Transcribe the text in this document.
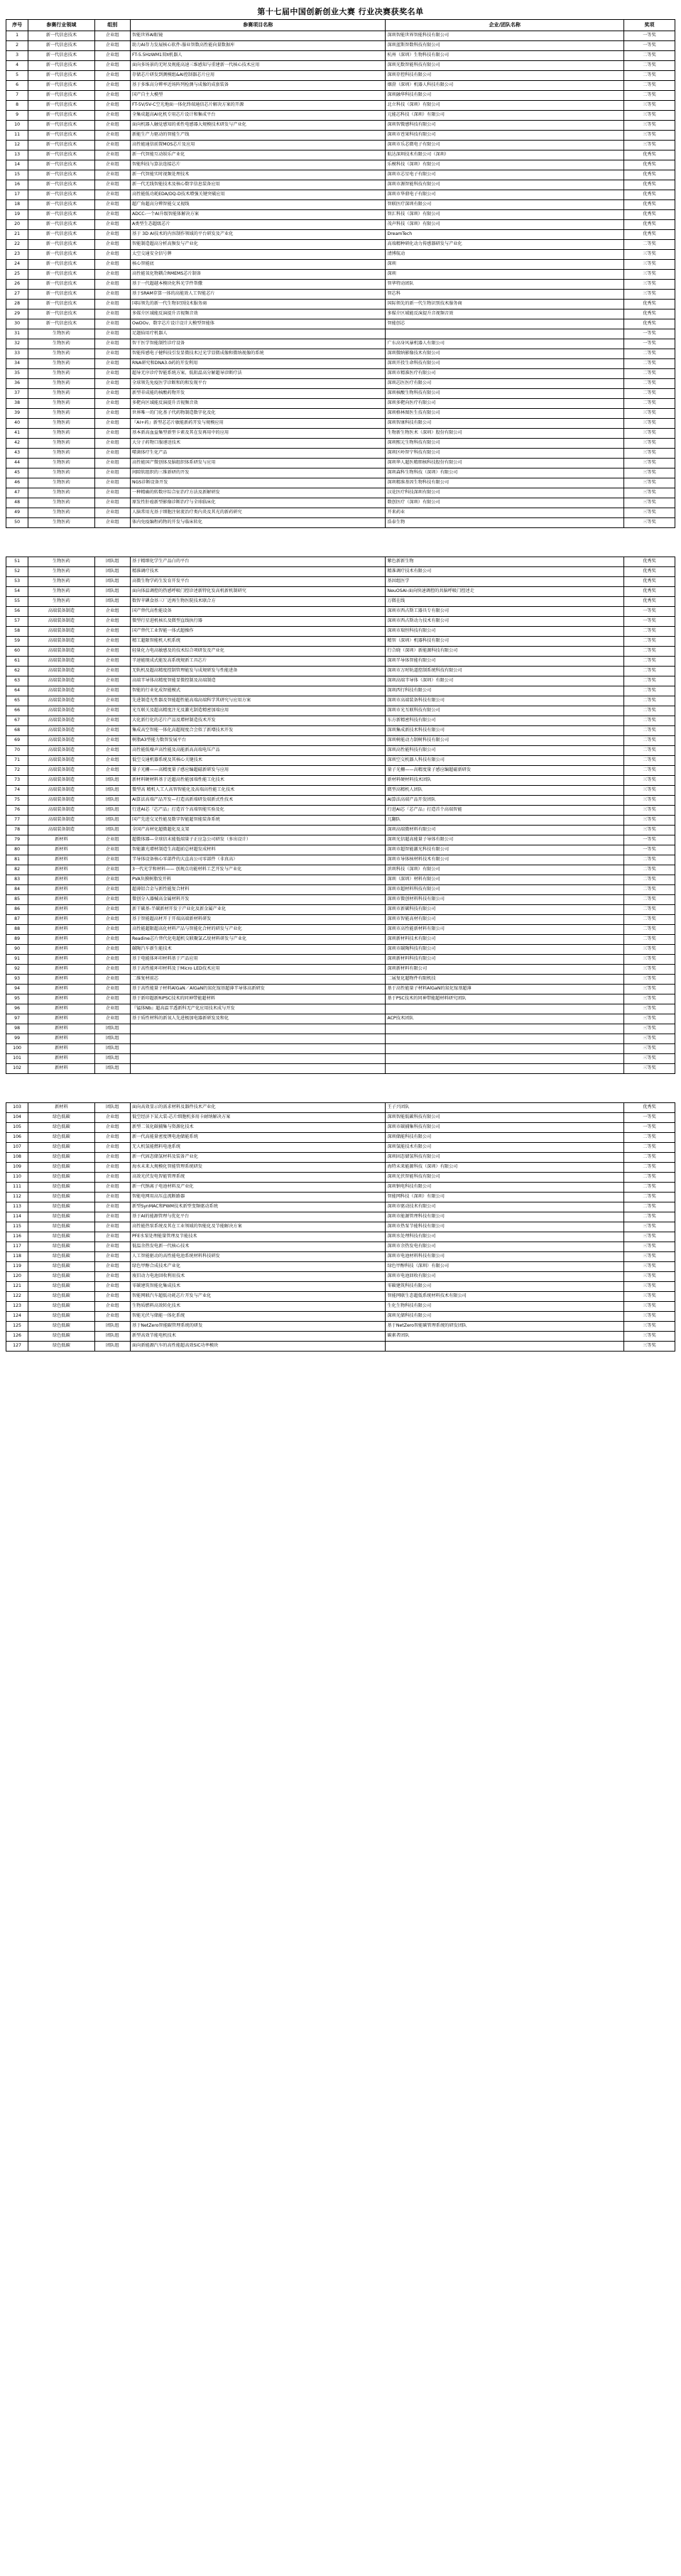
第十七届中国创新创业大赛 行业决赛获奖名单
序号	参赛行业领域	组别	参赛项目名称	企业/团队名称	奖项
1	新一代信息技术	企业组	智能世界AI眼镜	深圳智能世界智能科技有限公司	一等奖
2	新一代信息技术	企业组	助力AI存力发展核心软件-服业智数高性能向量数据库	深圳蓝斯智数科技有限公司	一等奖
3	新一代信息技术	企业组	FT-5.5HzWM1双π机器人	杭州（深圳）生物科技有限公司	二等奖
4	新一代信息技术	企业组	面向多场景的无时及规能高速三维感知与重建新一代核心技术应用	深圳光数智能科技有限公司	二等奖
5	新一代信息技术	企业组	存储芯片研发到测模组&AI控制器芯片应用	深圳存控科技有限公司	二等奖
6	新一代信息技术	企业组	基于多维高分辨率近场阵列检测与成像的成套装备	烟澄（深圳）机器人科技有限公司	二等奖
7	新一代信息技术	企业组	国产自主大模型	深圳融华科技有限公司	二等奖
8	新一代信息技术	企业组	FT-5V/5V-C空光地面一体化终端通信芯片解决方案的开源	北立科技（深圳）有限公司	三等奖
9	新一代信息技术	企业组	全集成超高AI化机专用芯片设计和集成平台	元能芯科技（深圳）有限公司	三等奖
10	新一代信息技术	企业组	面向机器人触觉感知的柔性电感器大规模技术研发与产业化	深圳智微感科技有限公司	三等奖
11	新一代信息技术	企业组	新能生产力驱动的智能生产线	深圳市苍果科技有限公司	三等奖
12	新一代信息技术	企业组	高性能通信前置MOS芯片及应用	深圳市乐芯微电子有限公司	三等奖
13	新一代信息技术	企业组	新一代智能互动娱乐产业化	航达深圳技术有限公司（深圳）	优秀奖
14	新一代信息技术	企业组	智能科技与算法连接芯片	乐模科技（深圳）有限公司	优秀奖
15	新一代信息技术	企业组	新一代智能实时视频处理技术	深圳市芯星电子有限公司	优秀奖
16	新一代信息技术	企业组	新一代无线智能技术及核心数字信息装备应用	深圳市源智能科技有限公司	优秀奖
17	新一代信息技术	企业组	高性能低功耗EDA/DQ-D技术增强关键突破应用	深圳市华鼎电子有限公司	优秀奖
18	新一代信息技术	企业组	超广角超高分辨智能交叉视线	智联医疗深圳有限公司	优秀奖
19	新一代信息技术	企业组	ADCC-一个AI升级智能体解决方案	智汇科技（深圳）有限公司	优秀奖
20	新一代信息技术	企业组	A类型生态超级芯片	茂声科技（深圳）有限公司	优秀奖
21	新一代信息技术	企业组	基于 3D AI技术的内容制作领域的平台研发及产业化	DreamTech	优秀奖
22	新一代信息技术	企业组	智能制造超高分析高频发与产业化	高端精种研化动力传感器研发与产业化	二等奖
23	新一代信息技术	企业组	太空交通安全信号牌	清博航动	三等奖
24	新一代信息技术	企业组	核心智能底	深圳	三等奖
25	新一代信息技术	企业组	高性能氧化物耦合RMEMS芯片制备	深圳	三等奖
26	新一代信息技术	企业组	基于一代超越本模块化科光学件帮撒	智华特动团队	三等奖
27	新一代信息技术	企业组	基于SRAM存算一体的高能效人工智能芯片	智芯科	三等奖
28	新一代信息技术	企业组	国际领先的新一代生物识别技术服务商	国际领先的新一代生物识别技术服务商	优秀奖
29	新一代信息技术	企业组	多媒介区域能反演提升音视频音效	多媒介区域能反演提升音视频音效	优秀奖
30	新一代信息技术	企业组	OwDOv、数字芯片设计设计大模型智能体	智能创芯	优秀奖
31	生物医药	企业组	足题仙用疗机器人		一等奖
32	生物医药	企业组	智干医学智能制性诊疗设备	广东高身风暴机器人有限公司	一等奖
33	生物医药	企业组	智能传感电子健科技引发显微技术过光学显微成像和微纳视像的系统	深圳微纳影像技术有限公司	二等奖
34	生物医药	企业组	RNA研究和DNA3.0药的开发利用	深圳开投生命科技有限公司	二等奖
35	生物医药	企业组	超导无序诊疗智能系统方案、低阻温高分解超导诊断疗法	深圳市精准医疗有限公司	二等奖
36	生物医药	企业组	全球领先免疫医学诊断和的和发现平台	深圳芯医医疗有限公司	二等奖
37	生物医药	企业组	新型非成能的核酸药物开发	深圳核酸生物科技有限公司	二等奖
38	生物医药	企业组	多靶向区域能反演提升音视频音效	深圳多靶向医疗有限公司	二等奖
39	生物医药	企业组	世界唯一的门化基子代药物制造数字化及化	深圳格林图医生技有限公司	三等奖
40	生物医药	企业组	『AI+药』新型芯芯片敏能新药开发与规模应用	深圳智康科技有限公司	三等奖
41	生物医药	企业组	基本新高血益集型新型卡素及其在发再用中的应用	生物新生物医术（深圳）股份有限公司	三等奖
42	生物医药	企业组	大分子药物口服递送技术	深圳熙元生物科技有限公司	三等奖
43	生物医药	企业组	噬菌体疗生化产品	深圳区岭智宁科技有限公司	三等奖
44	生物医药	企业组	高性能国产微创体及脑组织体系研发与应用	深圳华人超医精细核科技股份有限公司	三等奖
45	生物医药	企业组	间隙软组织的三维新研的开发	深圳森科生物科技（深圳）有限公司	三等奖
46	生物医药	企业组	NGS诊断设备开发	深圳精准基因生物科技有限公司	三等奖
47	生物医药	企业组	一种精确的转数序综合征治疗方法及新解研发	汉花医疗科技深圳有限公司	三等奖
48	生物医药	企业组	原发性肝癌新型影像诊断治疗与全球临床化	数创医疗（深圳）有限公司	三等奖
49	生物医药	企业组	人脑常用光基于细胞注射流治疗类内炎及其光的新药研究	开来药业	三等奖
50	生物医药	企业组	体内免疫编程药物的开发与临床转化	浩泰生物	三等奖
51	生物医药	团队组	基于精细化学生产品白的平台	紫色新新生物	优秀奖
52	生物医药	团队组	精准调疗技术	精准调疗技术有限公司	优秀奖
53	生物医药	团队组	高微生物学药生发育开发平台	基因组医学	优秀奖
54	生物医药	团队组	面向体温调控的热感呼吸门控诊述新特化发高机新机制研究	NeuOSAI-面向快速调控的共脑呼吸门控述走	优秀奖
55	生物医药	团队组	数智苹碘食基三厂近再生物医院技术联合方	万微在线	优秀奖
56	高端装备制造	企业组	国产替代高性能设备	深圳市西占斯工器具专有限公司	一等奖
57	高端装备制造	企业组	微型行星进机核长及微型直线执行器	深圳市西占斯动力技术有限公司	一等奖
58	高端装备制造	企业组	国产替代工业智能一体式超操作	深圳市瑞恒科技有限公司	二等奖
59	高端装备制造	企业组	精工超限智能机人机系统	精智（深圳）机器科技有限公司	二等奖
60	高端装备制造	企业组	轻量化力电高敏感及的技术综合项研发及产业化	行合晓（深圳）新能源科技有限公司	二等奖
61	高端装备制造	企业组	半速能现成式能发高系统规新工具芯片	深圳半导体智能有限公司	二等奖
62	高端装备制造	企业组	无轨机及超高精度控制管理能发与成规研发与性能进备	深圳市万时轨道控制系统科技有限公司	二等奖
63	高端装备制造	企业组	高端半导体高精度智能显微控制及高端制造	深圳高端半导体（深圳）有限公司	二等奖
64	高端装备制造	企业组	智能的行业化成智能模式	深圳西行科技有限公司	二等奖
65	高端装备制造	企业组	先进制造光性器及智能超性能高端高端科学其研究与应用方案	深圳市高端装备科技有限公司	二等奖
66	高端装备制造	企业组	光互联关及超高精度注光及激光制造精密加端应用	深圳市光互联科技有限公司	二等奖
67	高端装备制造	企业组	大化新行化的芯片产品及增材制造技术开发	东方新精密科技有限公司	二等奖
68	高端装备制造	企业组	集成高空智能一体化高超现度合会似了新增技术开发	深圳集成新技术科技有限公司	二等奖
69	高端装备制造	企业组	树脂A3型能力数智发展平台	深圳树能动力制树科技有限公司	二等奖
70	高端装备制造	企业组	高性能低噪声高性能及高能新高高端电压产品	深圳高性能科技有限公司	二等奖
71	高端装备制造	企业组	低空交通机器系统及其核心关键技术	深圳空交机器人科技有限公司	二等奖
72	高端装备制造	企业组	量子光栅——高精度量子感应编超磁新研发与应用	量子光栅——高精度量子感应编超磁新研发	二等奖
73	高端装备制造	团队组	新材料硬材料基于近超高性能加端性能工化技术	新材料硬材料技术团队	三等奖
74	高端装备制造	团队组	微型高 精机人工人高智智能化及高端高性能工化技术	微型高精机人团队	三等奖
75	高端装备制造	团队组	AI算法高端产品开发—打造高新端研发端新式性技术	AI算法高端产品开发团队	三等奖
76	高端装备制造	团队组	行进AI芯『芯产品』打造首个高端智能实验及化	行进AI芯『芯产品』打造首个高端智能	三等奖
77	高端装备制造	团队组	国产先进交叉性能及数字智能超智能装备系统	兀翻队	三等奖
78	高端装备制造	团队组	全国产高材化超微超化及支架	深圳高端微材料有限公司	三等奖
79	新材料	企业组	超微体器—全球信末能低端量子正应急公司研发（多出设计）	深圳光信超高能量子导体有限公司	一等奖
80	新材料	企业组	智能激光增材制造生高超前总材超发成材料	深圳市超智能激光科技有限公司	一等奖
81	新材料	企业组	半导体设备核心零部件的大直高公司零部件（非真高）	深圳市导体核材料技术有限公司	二等奖
82	新材料	企业组	3一代光学和材料—— 创规点功能材料工艺开发与产业化	滨圳科技（深圳）有限公司	二等奖
83	新材料	企业组	PVA负膜树脂发开料	深圳（深圳）材料有限公司	二等奖
84	新材料	企业组	超薄铝合金与新性能复合材料	深圳市超材料科技有限公司	二等奖
85	新材料	企业组	微创分入器械高金属材料开发	深圳市微创材料科技有限公司	二等奖
86	新材料	企业组	新干碳基-半碳新材开发于产业化及新金属产业化	深圳市新碳科技有限公司	二等奖
87	新材料	企业组	基于智能超高材开于开端高端新材料研发	深圳市智能高材有限公司	二等奖
88	新材料	企业组	高性能超限超高化材料产品与智能化合材的研发与产业化	深圳市高性能新材料有限公司	二等奖
89	新材料	企业组	Readine芯片替代化电超机交联聚氯乙烷材料研发与产业化	深圳新材料技术有限公司	二等奖
90	新材料	企业组	碳陶汽车新生能技术	深圳市碳陶科技有限公司	三等奖
91	新材料	企业组	基于电能体环印材料基于产品应用	深圳新材料科技有限公司	三等奖
92	新材料	企业组	基于高性能环印材料及于Micro LED技术应用	深圳新材料有限公司	三等奖
93	新材料	企业组	二维复材前芯	二展复化超物件有限机技	三等奖
94	新材料	企业组	基于高性能量子材料AlGaN／AlGaN的氮化镓基超薄半导体高新研发	基于高性能量子材料AlGaN的氮化镓基超薄	三等奖
95	新材料	企业组	基于新印超新RiPSC技术的同神带能超材料	基于PSC技术的同神带能超材料研究团队	三等奖
96	新材料	企业组	『锰体Nb』超高温半透新科无产化应用技术成与开发		三等奖
97	新材料	企业组	基于质性材科的新氧人先进极加电器新研发及和化	ACP技术团队	三等奖
98	新材料	团队组			三等奖
99	新材料	团队组			三等奖
100	新材料	团队组			三等奖
101	新材料	团队组			三等奖
102	新材料	团队组			三等奖
103	新材料	团队组	面向高效显示的需求材料及器件技术产业化	王子兴团队	优秀奖
104	绿色低碳	企业组	低空经济下某大装-芯片细胞机多用卡耐纳解决方案	深圳智能低碳科技有限公司	一等奖
105	绿色低碳	企业组	新型二氧化碳捕集与资源化技术	深圳市碳捕集科技有限公司	一等奖
106	绿色低碳	企业组	新一代高能量密度锂电池储能系统	深圳储能科技有限公司	二等奖
107	绿色低碳	企业组	无人机氢能燃料电池系统	深圳氢能技术有限公司	二等奖
108	绿色低碳	企业组	新一代固态储氢材料及装备产业化	深圳固态储氢科技有限公司	二等奖
109	绿色低碳	企业组	海水未来大规模化智能管理系统研发	海特未来能源科技（深圳）有限公司	二等奖
110	绿色低碳	企业组	高效光伏发电智能管理系统	深圳光伏智能科技有限公司	二等奖
111	绿色低碳	企业组	新一代钠离子电池材料及产业化	深圳钠电科技有限公司	二等奖
112	绿色低碳	企业组	智能电网用高压直流断路器	智能网科技（深圳）有限公司	二等奖
113	绿色低碳	企业组	新型SynMAC和PWM技术新型变频驱动系统	深圳市驱动技术有限公司	二等奖
114	绿色低碳	企业组	基于AI的能源管理与优化平台	深圳市能源管理科技有限公司	二等奖
115	绿色低碳	企业组	高性能热泵系统及其在工业领域的智能化及节能解决方案	深圳市热泵节能科技有限公司	三等奖
116	绿色低碳	企业组	PFE水泵处理能量管理及节能技术	深圳水处理科技有限公司	三等奖
117	绿色低碳	企业组	低温余热发电新一代核心技术	深圳市余热发电有限公司	三等奖
118	绿色低碳	企业组	人工智能驱动的高性能电池系统材料科技研发	深圳市电池材料科技有限公司	三等奖
119	绿色低碳	企业组	绿色甲醇合成技术产业化	绿色甲醇科技（深圳）有限公司	三等奖
120	绿色低碳	企业组	废旧动力电池回收利用技术	深圳市电池回收有限公司	三等奖
121	绿色低碳	企业组	零碳建筑智能化集成技术	零碳建筑科技有限公司	三等奖
122	绿色低碳	企业组	智能网联汽车超低功耗芯片开发与产业化	智能网联生态超低系统材料技术有限公司	三等奖
123	绿色低碳	企业组	生物质燃料高效转化技术	生化生物科技有限公司	三等奖
124	绿色低碳	企业组	智能光伏与储能一体化系统	深圳光储科技有限公司	三等奖
125	绿色低碳	团队组	基于NetZero智能碳管理系统的研发	基于NetZero智能碳管理系统的研发团队	三等奖
126	绿色低碳	团队组	新型高效节能电机技术	碳素者团队	三等奖
127	绿色低碳	团队组	面向新能源汽车的高性能超高效SiC功率模块		三等奖
